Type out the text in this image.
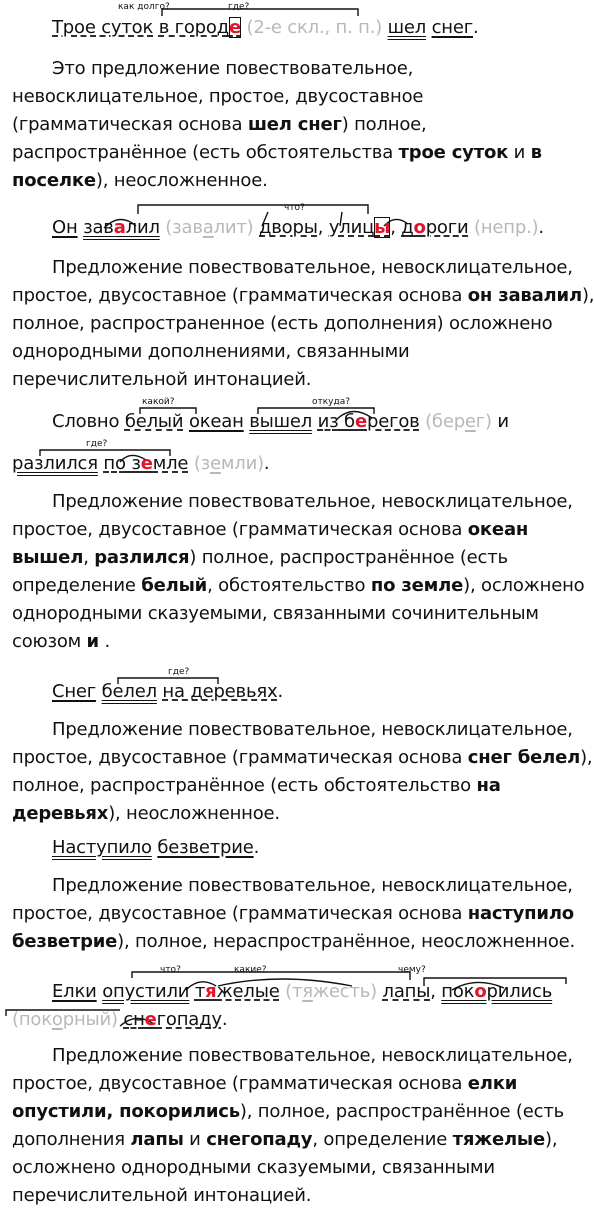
как долго?	где?
что?
какой?	откуда?
где?
где?
что?	какие?	чему?

Трое суток в городе (2-е скл., п. п.) шел снег.

Это предложение повествовательное,

невосклицательное, простое, двусоставное

(грамматическая основа шел снег) полное,

распространённое (есть обстоятельства трое суток и в

поселке), неосложненное.

Он завалил (завалит) дворы, улицы, дороги (непр.).

Предложение повествовательное, невосклицательное,

простое, двусоставное (грамматическая основа он завалил),

полное, распространенное (есть дополнения) осложнено

однородными дополнениями, связанными

перечислительной интонацией.

Словно белый океан вышел из берегов (берег) и

разлился по земле (земли).

Предложение повествовательное, невосклицательное,

простое, двусоставное (грамматическая основа океан

вышел, разлился) полное, распространённое (есть

определение белый, обстоятельство по земле), осложнено

однородными сказуемыми, связанными сочинительным

союзом и .

Снег белел на деревьях.

Предложение повествовательное, невосклицательное,

простое, двусоставное (грамматическая основа снег белел),

полное, распространённое (есть обстоятельство на

деревьях), неосложненное.

Наступило безветрие.

Предложение повествовательное, невосклицательное,

простое, двусоставное (грамматическая основа наступило

безветрие), полное, нераспространённое, неосложненное.

Елки опустили тяжелые (тяжесть) лапы, покорились

(покорный) снегопаду.

Предложение повествовательное, невосклицательное,

простое, двусоставное (грамматическая основа елки

опустили, покорились), полное, распространённое (есть

дополнения лапы и снегопаду, определение тяжелые),

осложнено однородными сказуемыми, связанными

перечислительной интонацией.
